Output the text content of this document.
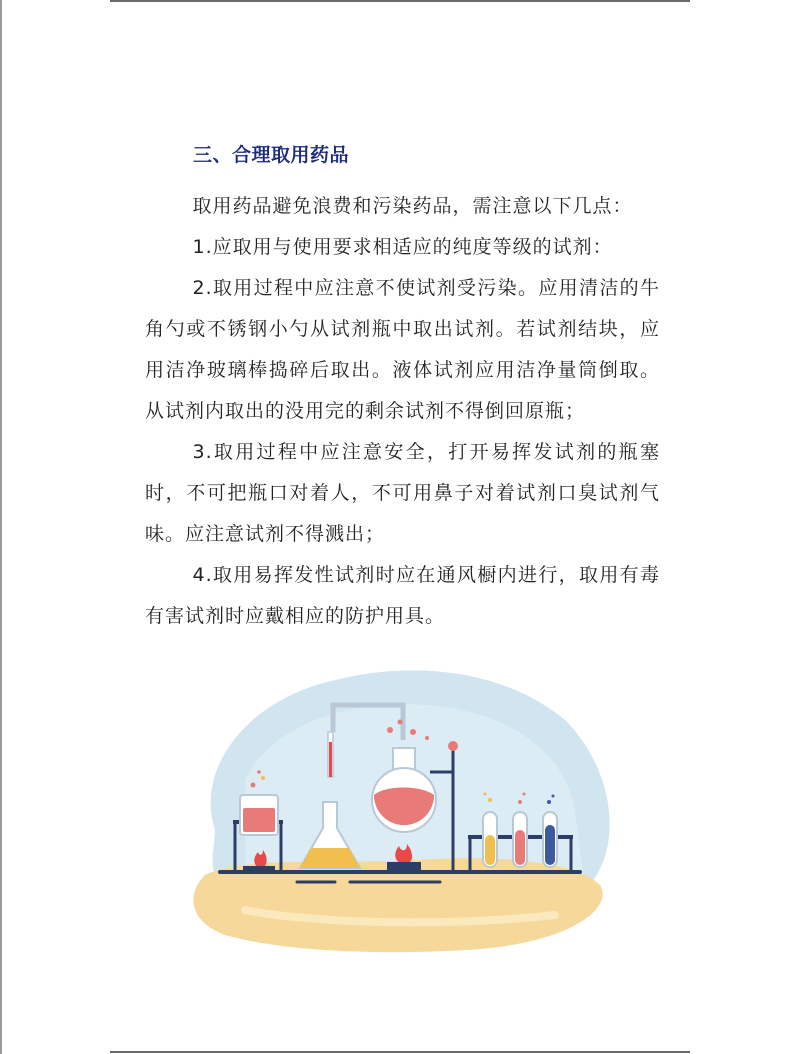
三、合理取用药品

取用药品避免浪费和污染药品，需注意以下几点：

1.应取用与使用要求相适应的纯度等级的试剂：

2.取用过程中应注意不使试剂受污染。应用清洁的牛角勺或不锈钢小勺从试剂瓶中取出试剂。若试剂结块，应用洁净玻璃棒捣碎后取出。液体试剂应用洁净量筒倒取。从试剂内取出的没用完的剩余试剂不得倒回原瓶；

3.取用过程中应注意安全，打开易挥发试剂的瓶塞时，不可把瓶口对着人，不可用鼻子对着试剂口臭试剂气味。应注意试剂不得溅出；

4.取用易挥发性试剂时应在通风橱内进行，取用有毒有害试剂时应戴相应的防护用具。
